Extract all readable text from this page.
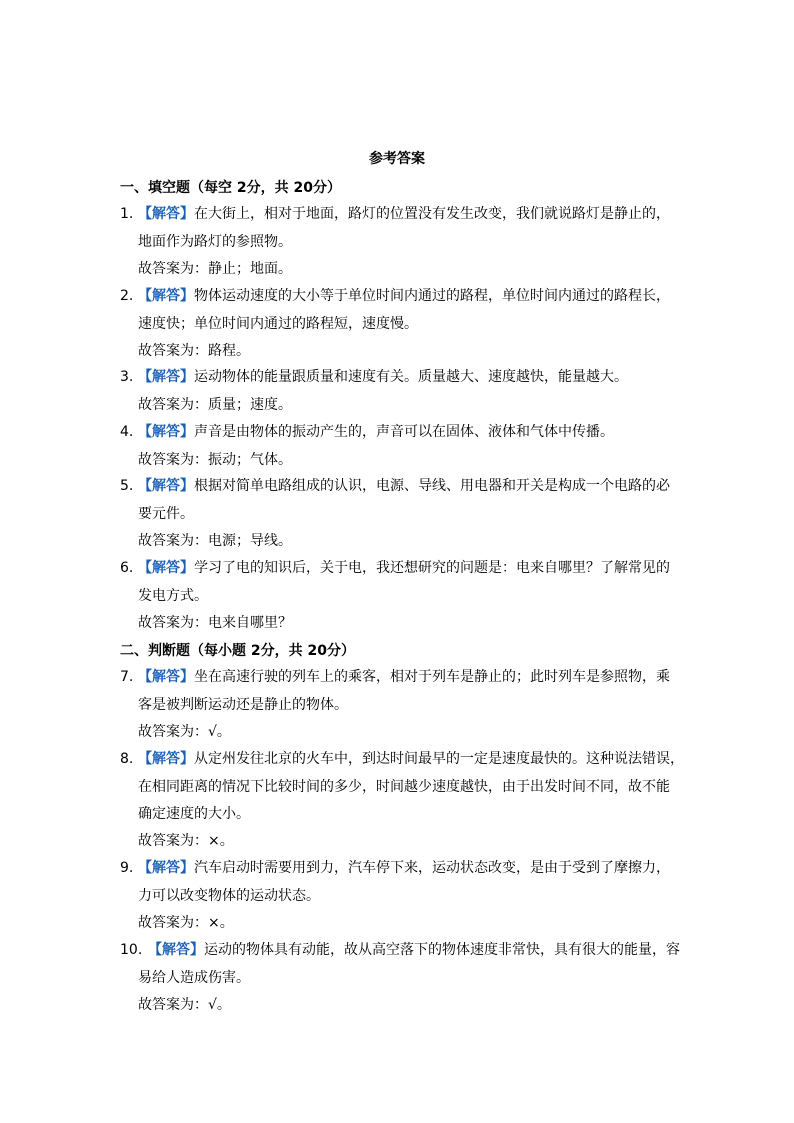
参考答案
一、填空题（每空 2分，共 20分）
1. 【解答】在大街上，相对于地面，路灯的位置没有发生改变，我们就说路灯是静止的，
地面作为路灯的参照物。
故答案为：静止；地面。
2. 【解答】物体运动速度的大小等于单位时间内通过的路程，单位时间内通过的路程长，
速度快；单位时间内通过的路程短，速度慢。
故答案为：路程。
3. 【解答】运动物体的能量跟质量和速度有关。质量越大、速度越快，能量越大。
故答案为：质量；速度。
4. 【解答】声音是由物体的振动产生的，声音可以在固体、液体和气体中传播。
故答案为：振动；气体。
5. 【解答】根据对简单电路组成的认识，电源、导线、用电器和开关是构成一个电路的必
要元件。
故答案为：电源；导线。
6. 【解答】学习了电的知识后，关于电，我还想研究的问题是：电来自哪里？了解常见的
发电方式。
故答案为：电来自哪里？
二、判断题（每小题 2分，共 20分）
7. 【解答】坐在高速行驶的列车上的乘客，相对于列车是静止的；此时列车是参照物，乘
客是被判断运动还是静止的物体。
故答案为：√。
8. 【解答】从定州发往北京的火车中，到达时间最早的一定是速度最快的。这种说法错误，
在相同距离的情况下比较时间的多少，时间越少速度越快，由于出发时间不同，故不能
确定速度的大小。
故答案为：×。
9. 【解答】汽车启动时需要用到力，汽车停下来，运动状态改变，是由于受到了摩擦力，
力可以改变物体的运动状态。
故答案为：×。
10. 【解答】运动的物体具有动能，故从高空落下的物体速度非常快，具有很大的能量，容
易给人造成伤害。
故答案为：√。
